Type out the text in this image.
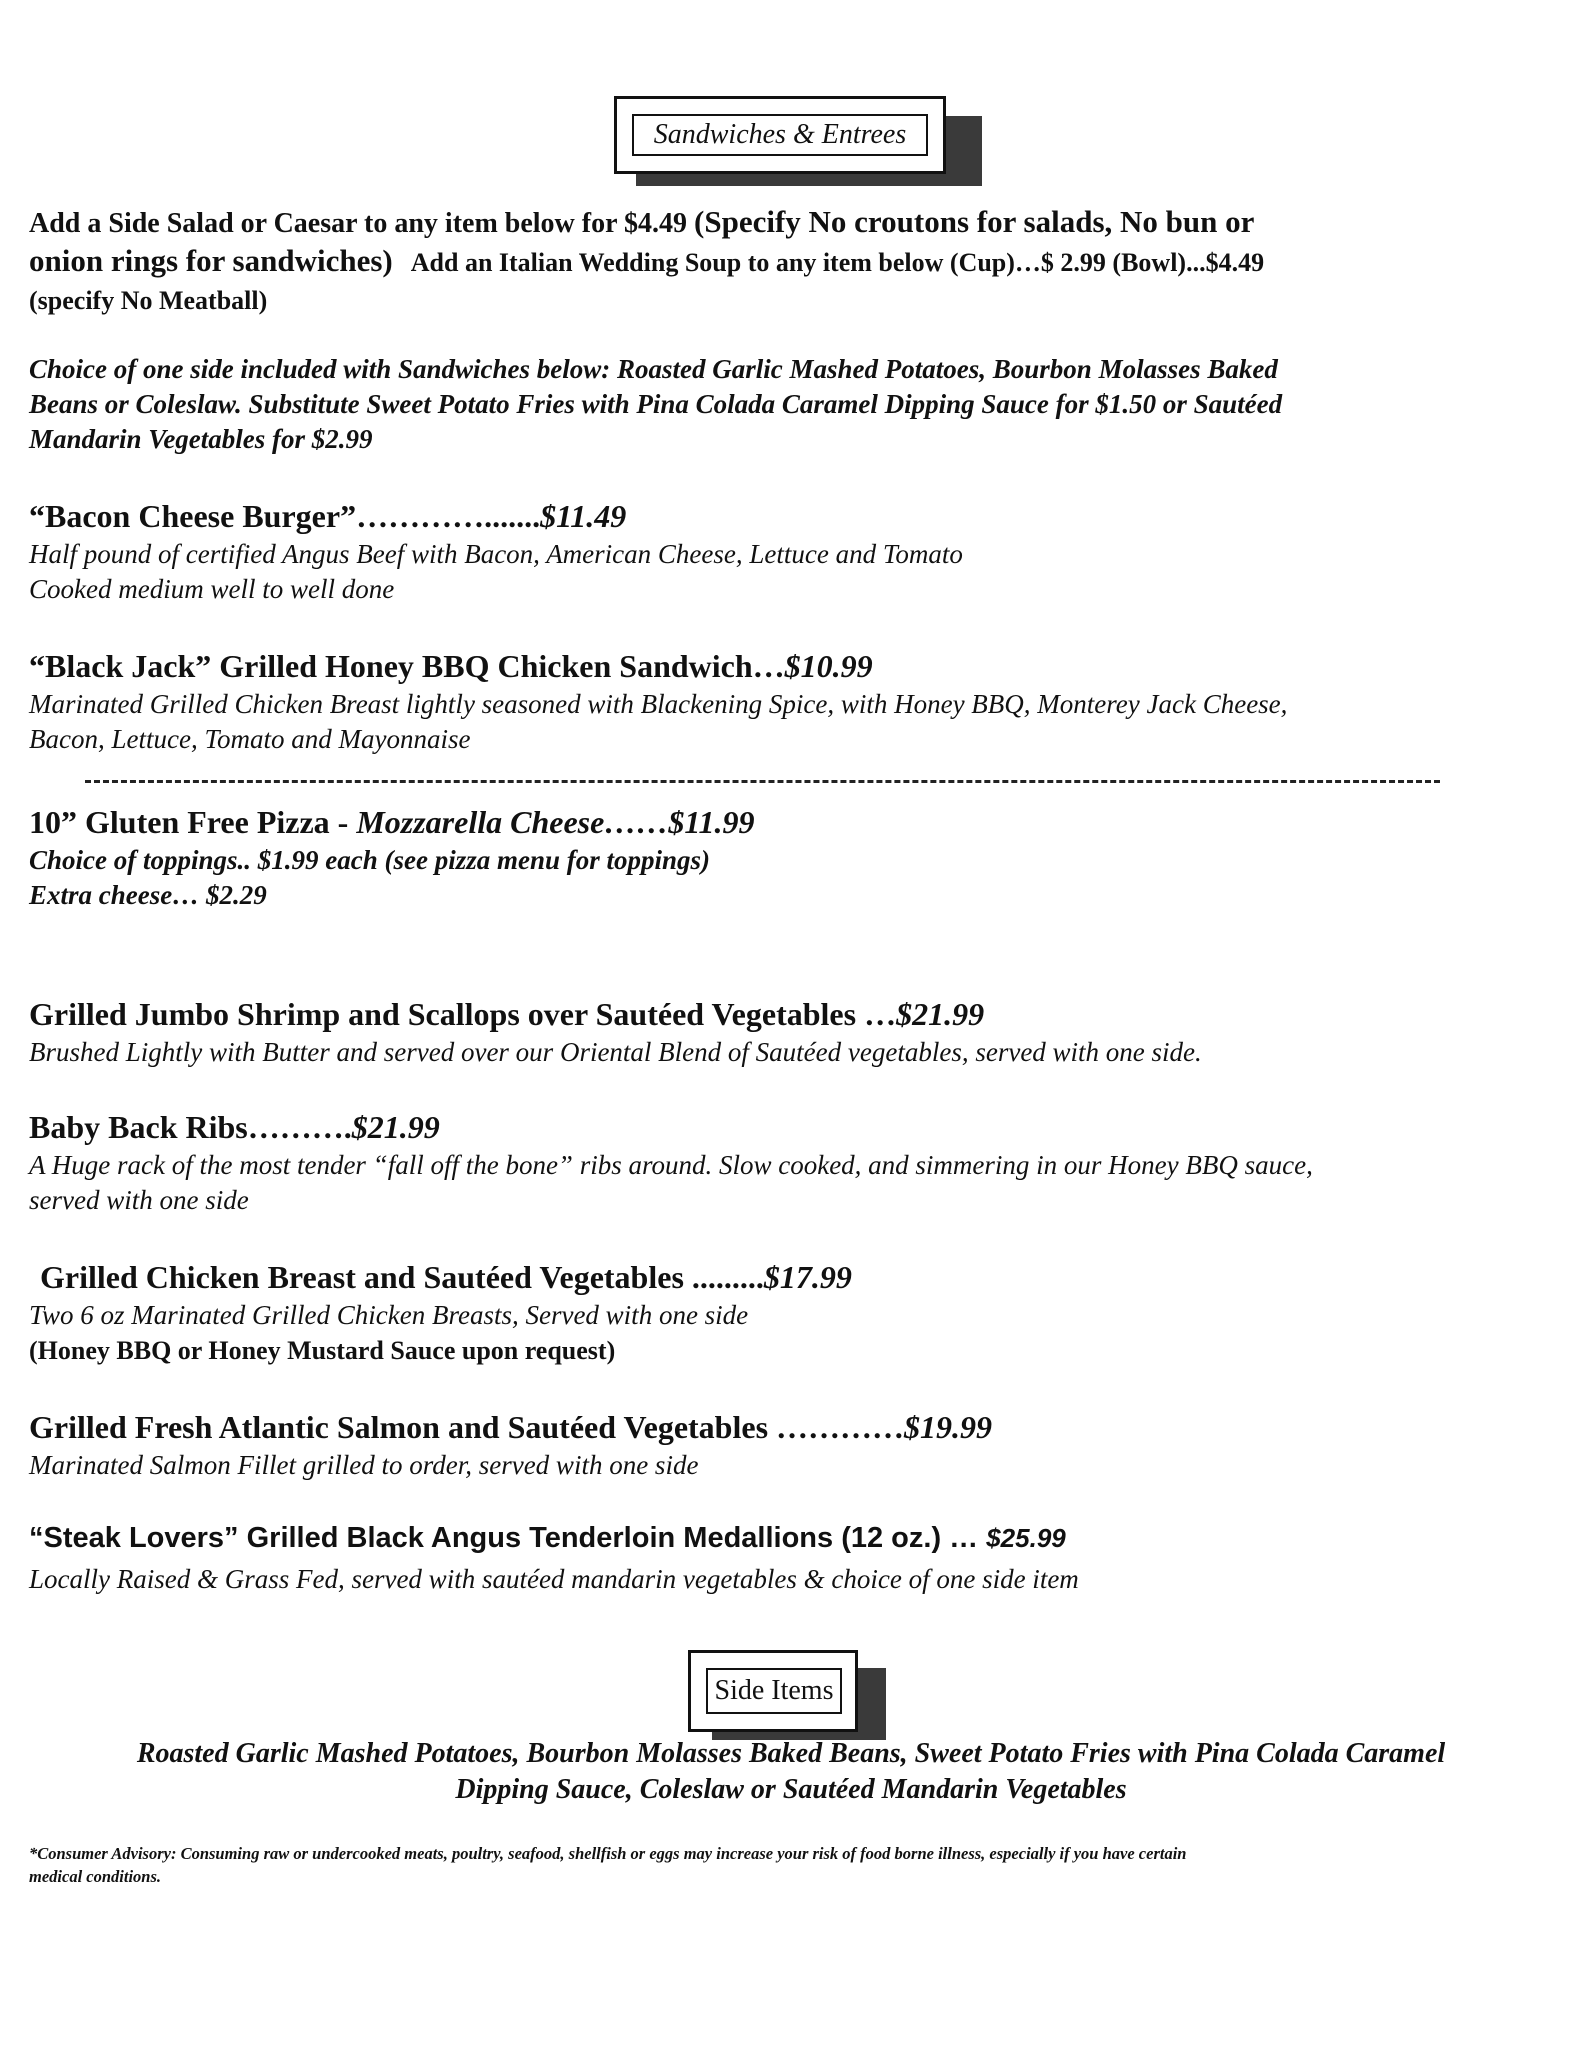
Sandwiches & Entrees
Add a Side Salad or Caesar to any item below for $4.49 (Specify No croutons for salads, No bun or
onion rings for sandwiches) Add an Italian Wedding Soup to any item below (Cup)…$ 2.99 (Bowl)...$4.49
(specify No Meatball)
Choice of one side included with Sandwiches below: Roasted Garlic Mashed Potatoes, Bourbon Molasses Baked
Beans or Coleslaw. Substitute Sweet Potato Fries with Pina Colada Caramel Dipping Sauce for $1.50 or Sautéed
Mandarin Vegetables for $2.99
“Bacon Cheese Burger”………….......$11.49
Half pound of certified Angus Beef with Bacon, American Cheese, Lettuce and Tomato
Cooked medium well to well done
“Black Jack” Grilled Honey BBQ Chicken Sandwich…$10.99
Marinated Grilled Chicken Breast lightly seasoned with Blackening Spice, with Honey BBQ, Monterey Jack Cheese,
Bacon, Lettuce, Tomato and Mayonnaise
10” Gluten Free Pizza - Mozzarella Cheese……$11.99
Choice of toppings.. $1.99 each (see pizza menu for toppings)
Extra cheese… $2.29
Grilled Jumbo Shrimp and Scallops over Sautéed Vegetables …$21.99
Brushed Lightly with Butter and served over our Oriental Blend of Sautéed vegetables, served with one side.
Baby Back Ribs……….$21.99
A Huge rack of the most tender “fall off the bone” ribs around. Slow cooked, and simmering in our Honey BBQ sauce,
served with one side
Grilled Chicken Breast and Sautéed Vegetables .........$17.99
Two 6 oz Marinated Grilled Chicken Breasts, Served with one side
(Honey BBQ or Honey Mustard Sauce upon request)
Grilled Fresh Atlantic Salmon and Sautéed Vegetables …………$19.99
Marinated Salmon Fillet grilled to order, served with one side
“Steak Lovers” Grilled Black Angus Tenderloin Medallions (12 oz.) … $25.99
Locally Raised & Grass Fed, served with sautéed mandarin vegetables & choice of one side item
Side Items
Roasted Garlic Mashed Potatoes, Bourbon Molasses Baked Beans, Sweet Potato Fries with Pina Colada Caramel
Dipping Sauce, Coleslaw or Sautéed Mandarin Vegetables
*Consumer Advisory: Consuming raw or undercooked meats, poultry, seafood, shellfish or eggs may increase your risk of food borne illness, especially if you have certain
medical conditions.
